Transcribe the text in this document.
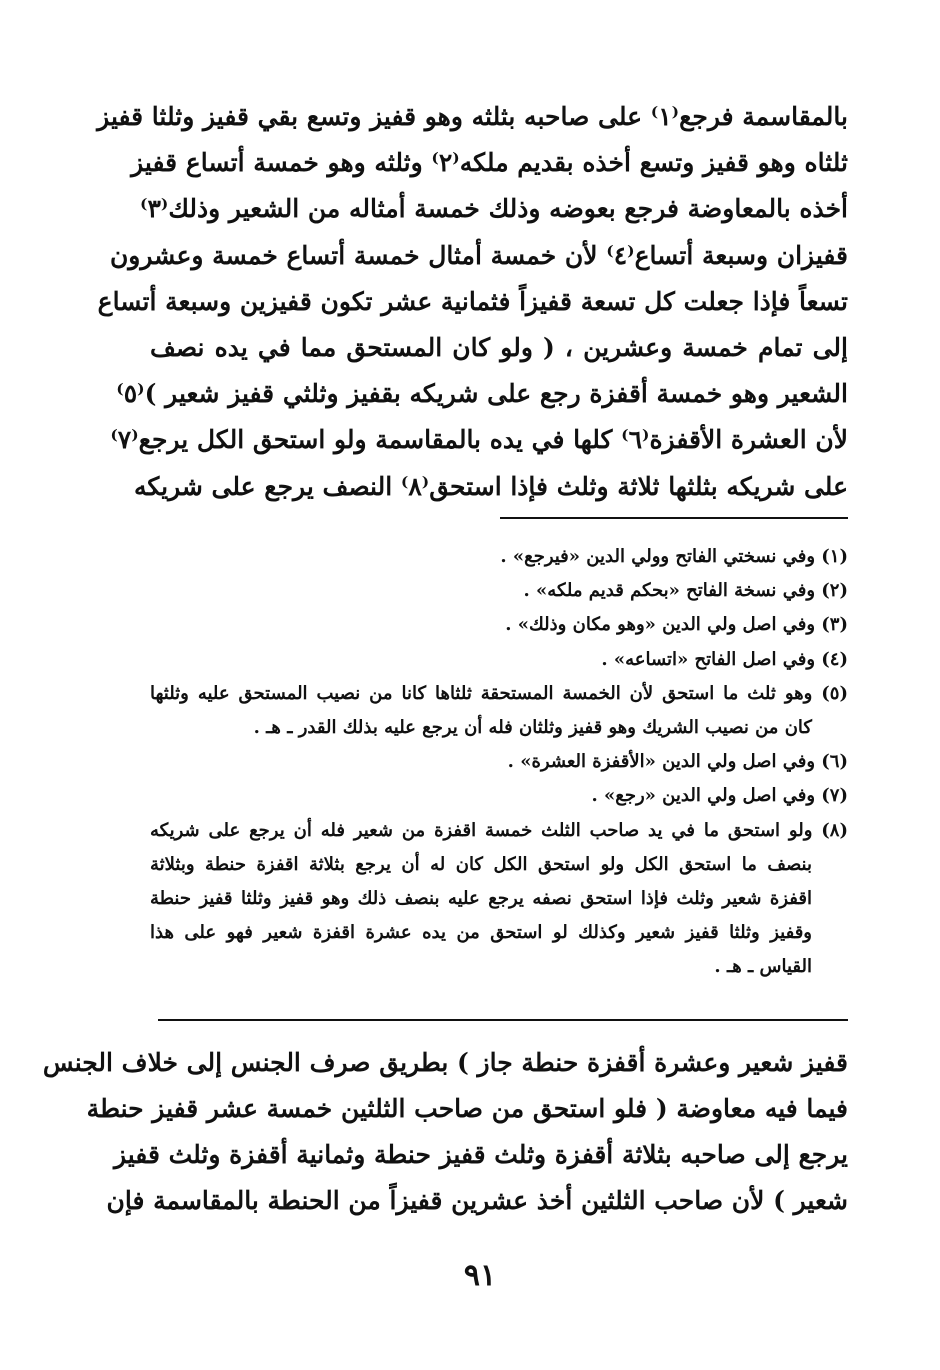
بالمقاسمة فرجع⁽١⁾ على صاحبه بثلثه وهو قفيز وتسع بقي قفيز وثلثا قفيز
ثلثاه وهو قفيز وتسع أخذه بقديم ملكه⁽٢⁾ وثلثه وهو خمسة أتساع قفيز
أخذه بالمعاوضة فرجع بعوضه وذلك خمسة أمثاله من الشعير وذلك⁽٣⁾
قفيزان وسبعة أتساع⁽٤⁾ لأن خمسة أمثال خمسة أتساع خمسة وعشرون
تسعاً فإذا جعلت كل تسعة قفيزاً فثمانية عشر تكون قفيزين وسبعة أتساع
إلى تمام خمسة وعشرين ، ( ولو كان المستحق مما في يده نصف
الشعير وهو خمسة أقفزة رجع على شريكه بقفيز وثلثي قفيز شعير )⁽٥⁾
لأن العشرة الأقفزة⁽٦⁾ كلها في يده بالمقاسمة ولو استحق الكل يرجع⁽٧⁾
على شريكه بثلثها ثلاثة وثلث فإذا استحق⁽٨⁾ النصف يرجع على شريكه
(١) وفي نسختي الفاتح وولي الدين «فيرجع» .
(٢) وفي نسخة الفاتح «بحكم قديم ملكه» .
(٣) وفي اصل ولي الدين «وهو مكان وذلك» .
(٤) وفي اصل الفاتح «اتساعه» .
(٥) وهو ثلث ما استحق لأن الخمسة المستحقة ثلثاها كانا من نصيب المستحق عليه وثلثها
كان من نصيب الشريك وهو قفيز وثلثان فله أن يرجع عليه بذلك القدر ـ هـ .
(٦) وفي اصل ولي الدين «الأقفزة العشرة» .
(٧) وفي اصل ولي الدين «رجع» .
(٨) ولو استحق ما في يد صاحب الثلث خمسة اقفزة من شعير فله أن يرجع على شريكه
بنصف ما استحق الكل ولو استحق الكل كان له أن يرجع بثلاثة اقفزة حنطة وبثلاثة
اقفزة شعير وثلث فإذا استحق نصفه يرجع عليه بنصف ذلك وهو قفيز وثلثا قفيز حنطة
وقفيز وثلثا قفيز شعير وكذلك لو استحق من يده عشرة اقفزة شعير فهو على هذا
القياس ـ هـ .
قفيز شعير وعشرة أقفزة حنطة جاز ) بطريق صرف الجنس إلى خلاف الجنس
فيما فيه معاوضة ( فلو استحق من صاحب الثلثين خمسة عشر قفيز حنطة
يرجع إلى صاحبه بثلاثة أقفزة وثلث قفيز حنطة وثمانية أقفزة وثلث قفيز
شعير ) لأن صاحب الثلثين أخذ عشرين قفيزاً من الحنطة بالمقاسمة فإن
٩١
